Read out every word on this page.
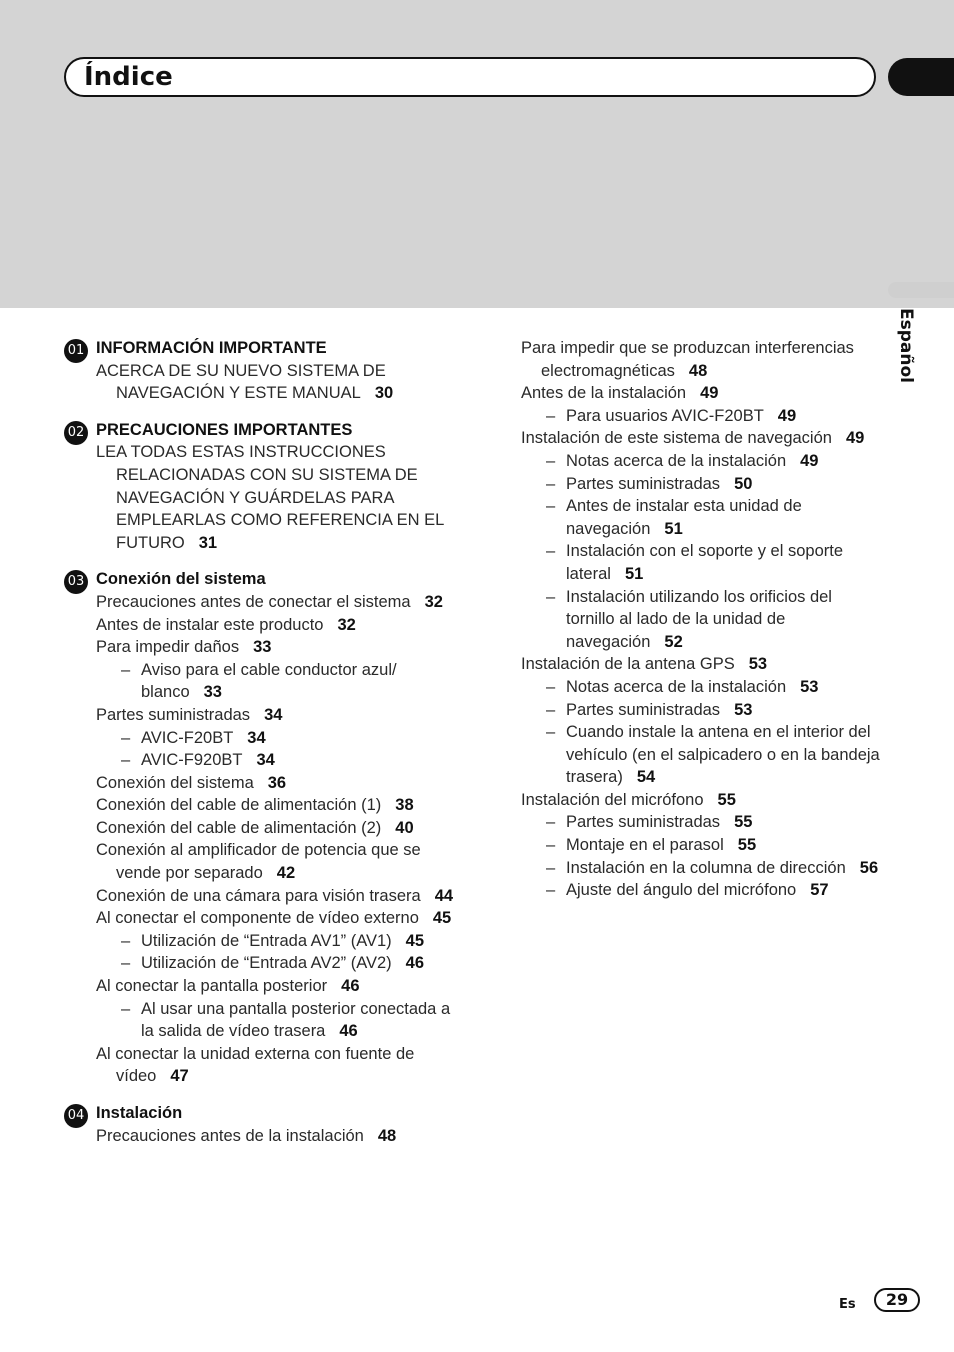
Índice
Español
01 INFORMACIÓN IMPORTANTE
ACERCA DE SU NUEVO SISTEMA DE NAVEGACIÓN Y ESTE MANUAL 30
02 PRECAUCIONES IMPORTANTES
LEA TODAS ESTAS INSTRUCCIONES RELACIONADAS CON SU SISTEMA DE NAVEGACIÓN Y GUÁRDELAS PARA EMPLEARLAS COMO REFERENCIA EN EL FUTURO 31
03 Conexión del sistema
Precauciones antes de conectar el sistema 32
Antes de instalar este producto 32
Para impedir daños 33
– Aviso para el cable conductor azul/ blanco 33
Partes suministradas 34
– AVIC-F20BT 34
– AVIC-F920BT 34
Conexión del sistema 36
Conexión del cable de alimentación (1) 38
Conexión del cable de alimentación (2) 40
Conexión al amplificador de potencia que se vende por separado 42
Conexión de una cámara para visión trasera 44
Al conectar el componente de vídeo externo 45
– Utilización de “Entrada AV1” (AV1) 45
– Utilización de “Entrada AV2” (AV2) 46
Al conectar la pantalla posterior 46
– Al usar una pantalla posterior conectada a la salida de vídeo trasera 46
Al conectar la unidad externa con fuente de vídeo 47
04 Instalación
Precauciones antes de la instalación 48
Para impedir que se produzcan interferencias electromagnéticas 48
Antes de la instalación 49
– Para usuarios AVIC-F20BT 49
Instalación de este sistema de navegación 49
– Notas acerca de la instalación 49
– Partes suministradas 50
– Antes de instalar esta unidad de navegación 51
– Instalación con el soporte y el soporte lateral 51
– Instalación utilizando los orificios del tornillo al lado de la unidad de navegación 52
Instalación de la antena GPS 53
– Notas acerca de la instalación 53
– Partes suministradas 53
– Cuando instale la antena en el interior del vehículo (en el salpicadero o en la bandeja trasera) 54
Instalación del micrófono 55
– Partes suministradas 55
– Montaje en el parasol 55
– Instalación en la columna de dirección 56
– Ajuste del ángulo del micrófono 57
Es	29
